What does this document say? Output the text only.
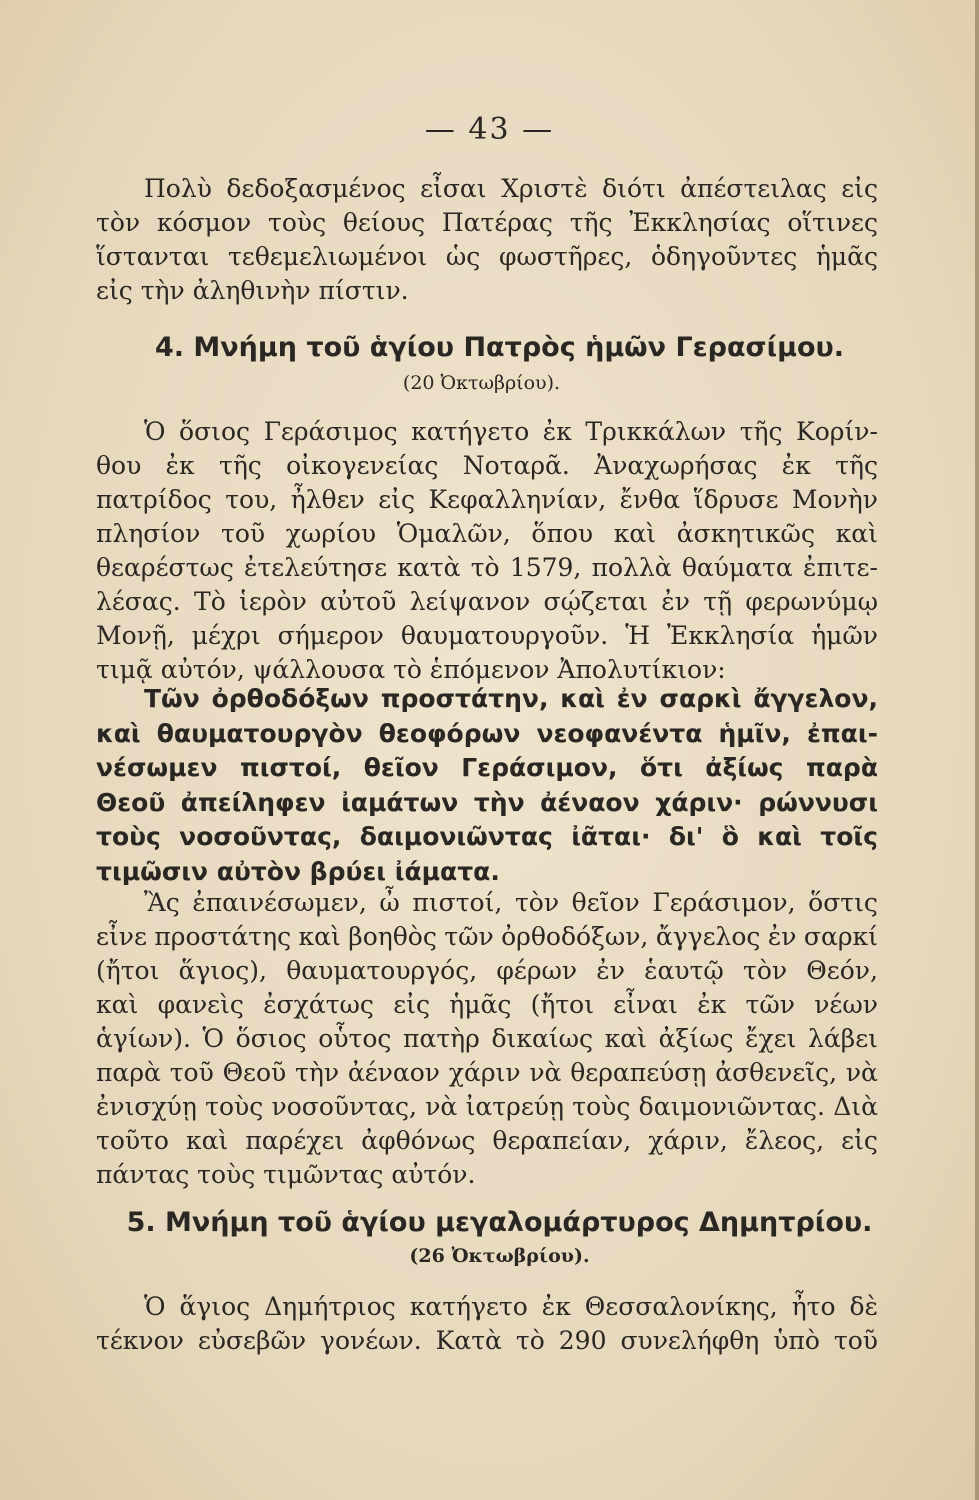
— 43 —
Πολὺ δεδοξασμένος εἶσαι Χριστὲ διότι ἀπέστειλας εἰς
τὸν κόσμον τοὺς θείους Πατέρας τῆς Ἐκκλησίας οἵτινες
ἵστανται τεθεμελιωμένοι ὡς φωστῆρες, ὁδηγοῦντες ἡμᾶς
εἰς τὴν ἀληθινὴν πίστιν.
4. Μνήμη τοῦ ἁγίου Πατρὸς ἡμῶν Γερασίμου.
(20 Ὀκτωβρίου).
Ὁ ὅσιος Γεράσιμος κατήγετο ἐκ Τρικκάλων τῆς Κορίν-
θου ἐκ τῆς οἰκογενείας Νοταρᾶ. Ἀναχωρήσας ἐκ τῆς
πατρίδος του, ἦλθεν εἰς Κεφαλληνίαν, ἔνθα ἵδρυσε Μονὴν
πλησίον τοῦ χωρίου Ὁμαλῶν, ὅπου καὶ ἀσκητικῶς καὶ
θεαρέστως ἐτελεύτησε κατὰ τὸ 1579, πολλὰ θαύματα ἐπιτε-
λέσας. Τὸ ἱερὸν αὐτοῦ λείψανον σῴζεται ἐν τῇ φερωνύμῳ
Μονῇ, μέχρι σήμερον θαυματουργοῦν. Ἡ Ἐκκλησία ἡμῶν
τιμᾷ αὐτόν, ψάλλουσα τὸ ἑπόμενον Ἀπολυτίκιον:
Τῶν ὀρθοδόξων προστάτην, καὶ ἐν σαρκὶ ἄγγελον,
καὶ θαυματουργὸν θεοφόρων νεοφανέντα ἡμῖν, ἐπαι-
νέσωμεν πιστοί, θεῖον Γεράσιμον, ὅτι ἀξίως παρὰ
Θεοῦ ἀπείληφεν ἰαμάτων τὴν ἀέναον χάριν· ρώννυσι
τοὺς νοσοῦντας, δαιμονιῶντας ἰᾶται· δι' ὃ καὶ τοῖς
τιμῶσιν αὐτὸν βρύει ἰάματα.
Ἂς ἐπαινέσωμεν, ὦ πιστοί, τὸν θεῖον Γεράσιμον, ὅστις
εἶνε προστάτης καὶ βοηθὸς τῶν ὀρθοδόξων, ἄγγελος ἐν σαρκί
(ἤτοι ἅγιος), θαυματουργός, φέρων ἐν ἑαυτῷ τὸν Θεόν,
καὶ φανεὶς ἐσχάτως εἰς ἡμᾶς (ἤτοι εἶναι ἐκ τῶν νέων
ἁγίων). Ὁ ὅσιος οὗτος πατὴρ δικαίως καὶ ἀξίως ἔχει λάβει
παρὰ τοῦ Θεοῦ τὴν ἀέναον χάριν νὰ θεραπεύσῃ ἀσθενεῖς, νὰ
ἐνισχύῃ τοὺς νοσοῦντας, νὰ ἰατρεύῃ τοὺς δαιμονιῶντας. Διὰ
τοῦτο καὶ παρέχει ἀφθόνως θεραπείαν, χάριν, ἔλεος, εἰς
πάντας τοὺς τιμῶντας αὐτόν.
5. Μνήμη τοῦ ἁγίου μεγαλομάρτυρος Δημητρίου.
(26 Ὀκτωβρίου).
Ὁ ἅγιος Δημήτριος κατήγετο ἐκ Θεσσαλονίκης, ἦτο δὲ
τέκνον εὐσεβῶν γονέων. Κατὰ τὸ 290 συνελήφθη ὑπὸ τοῦ
